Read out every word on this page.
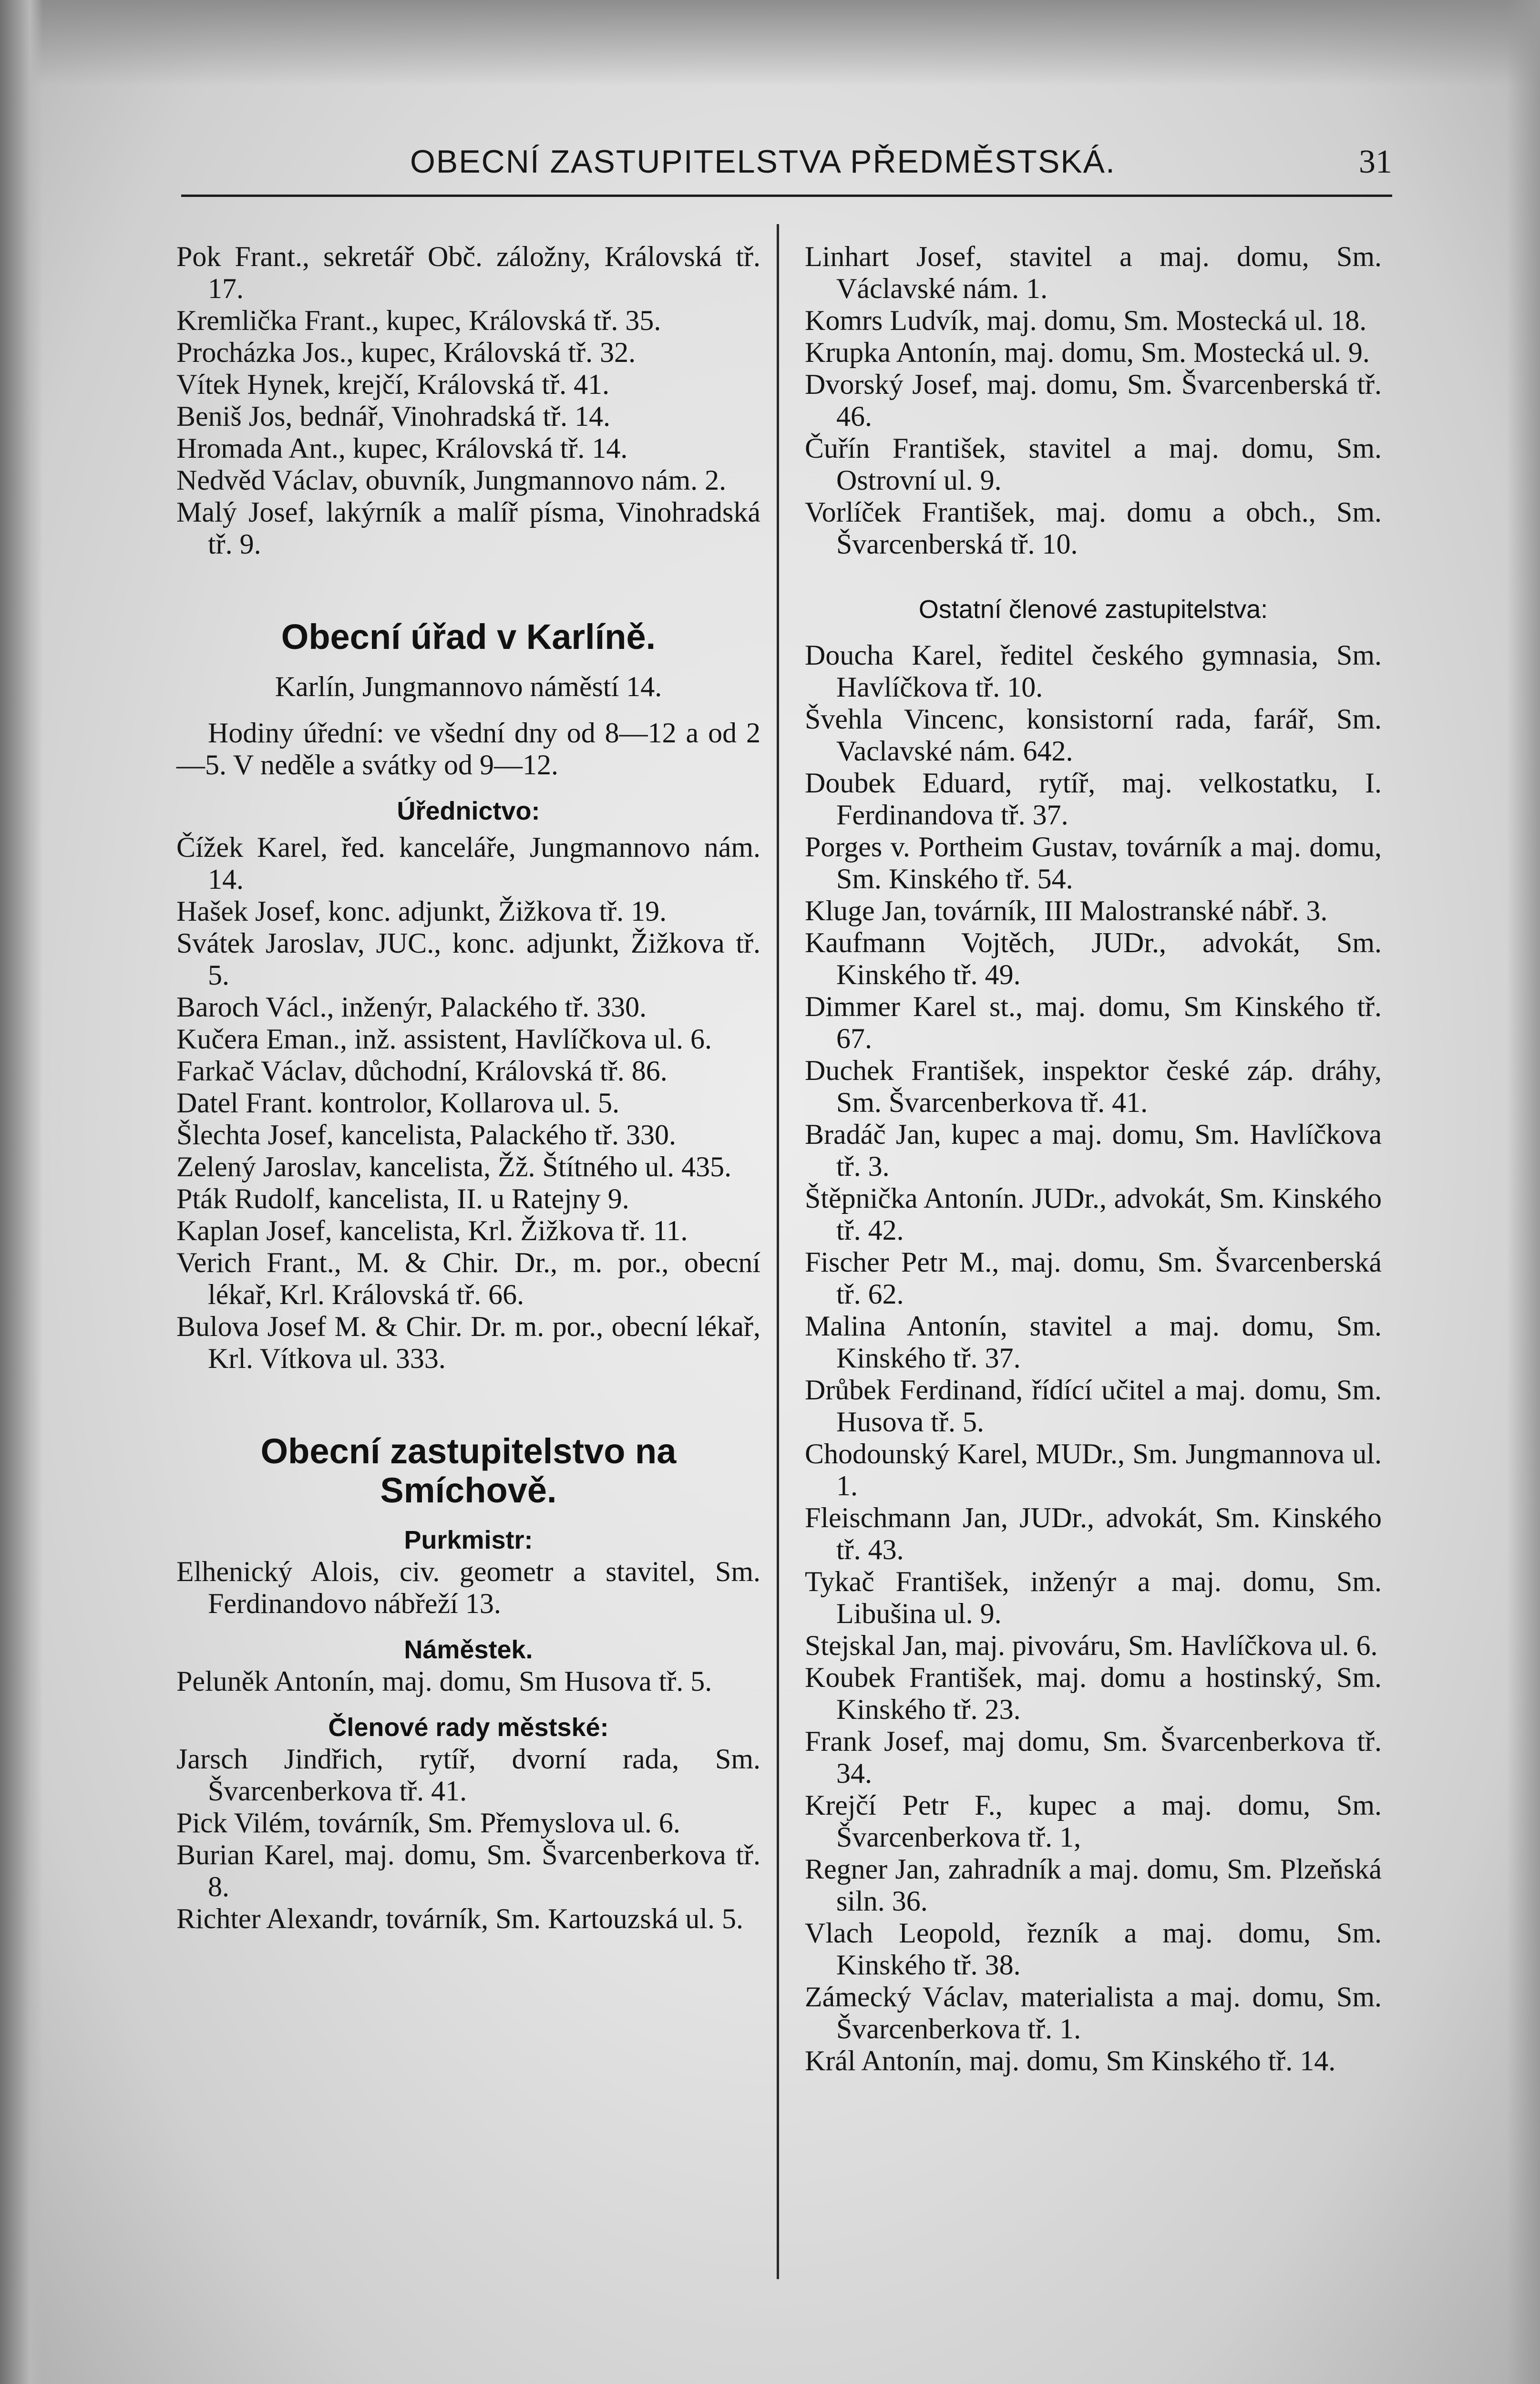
OBECNÍ ZASTUPITELSTVA PŘEDMĚSTSKÁ.	31
Pok Frant., sekretář Obč. záložny, Královská tř. 17.
Kremlička Frant., kupec, Královská tř. 35.
Procházka Jos., kupec, Královská tř. 32.
Vítek Hynek, krejčí, Královská tř. 41.
Beniš Jos, bednář, Vinohradská tř. 14.
Hromada Ant., kupec, Královská tř. 14.
Nedvěd Václav, obuvník, Jungmannovo nám. 2.
Malý Josef, lakýrník a malíř písma, Vinohradská tř. 9.
Obecní úřad v Karlíně.
Karlín, Jungmannovo náměstí 14.
Hodiny úřední: ve všední dny od 8—12 a od 2—5. V neděle a svátky od 9—12.
Úřednictvo:
Čížek Karel, řed. kanceláře, Jungmannovo nám. 14.
Hašek Josef, konc. adjunkt, Žižkova tř. 19.
Svátek Jaroslav, JUC., konc. adjunkt, Žižkova tř. 5.
Baroch Václ., inženýr, Palackého tř. 330.
Kučera Eman., inž. assistent, Havlíčkova ul. 6.
Farkač Václav, důchodní, Královská tř. 86.
Datel Frant. kontrolor, Kollarova ul. 5.
Šlechta Josef, kancelista, Palackého tř. 330.
Zelený Jaroslav, kancelista, Žž. Štítného ul. 435.
Pták Rudolf, kancelista, II. u Ratejny 9.
Kaplan Josef, kancelista, Krl. Žižkova tř. 11.
Verich Frant., M. & Chir. Dr., m. por., obecní lékař, Krl. Královská tř. 66.
Bulova Josef M. & Chir. Dr. m. por., obecní lékař, Krl. Vítkova ul. 333.
Obecní zastupitelstvo na Smíchově.
Purkmistr:
Elhenický Alois, civ. geometr a stavitel, Sm. Ferdinandovo nábřeží 13.
Náměstek.
Peluněk Antonín, maj. domu, Sm Husova tř. 5.
Členové rady městské:
Jarsch Jindřich, rytíř, dvorní rada, Sm. Švarcenberkova tř. 41.
Pick Vilém, továrník, Sm. Přemyslova ul. 6.
Burian Karel, maj. domu, Sm. Švarcenberkova tř. 8.
Richter Alexandr, továrník, Sm. Kartouzská ul. 5.
Linhart Josef, stavitel a maj. domu, Sm. Václavské nám. 1.
Komrs Ludvík, maj. domu, Sm. Mostecká ul. 18.
Krupka Antonín, maj. domu, Sm. Mostecká ul. 9.
Dvorský Josef, maj. domu, Sm. Švarcenberská tř. 46.
Čuřín František, stavitel a maj. domu, Sm. Ostrovní ul. 9.
Vorlíček František, maj. domu a obch., Sm. Švarcenberská tř. 10.
Ostatní členové zastupitelstva:
Doucha Karel, ředitel českého gymnasia, Sm. Havlíčkova tř. 10.
Švehla Vincenc, konsistorní rada, farář, Sm. Vaclavské nám. 642.
Doubek Eduard, rytíř, maj. velkostatku, I. Ferdinandova tř. 37.
Porges v. Portheim Gustav, továrník a maj. domu, Sm. Kinského tř. 54.
Kluge Jan, továrník, III Malostranské nábř. 3.
Kaufmann Vojtěch, JUDr., advokát, Sm. Kinského tř. 49.
Dimmer Karel st., maj. domu, Sm Kinského tř. 67.
Duchek František, inspektor české záp. dráhy, Sm. Švarcenberkova tř. 41.
Bradáč Jan, kupec a maj. domu, Sm. Havlíčkova tř. 3.
Štěpnička Antonín. JUDr., advokát, Sm. Kinského tř. 42.
Fischer Petr M., maj. domu, Sm. Švarcenberská tř. 62.
Malina Antonín, stavitel a maj. domu, Sm. Kinského tř. 37.
Drůbek Ferdinand, řídící učitel a maj. domu, Sm. Husova tř. 5.
Chodounský Karel, MUDr., Sm. Jungmannova ul. 1.
Fleischmann Jan, JUDr., advokát, Sm. Kinského tř. 43.
Tykač František, inženýr a maj. domu, Sm. Libušina ul. 9.
Stejskal Jan, maj. pivováru, Sm. Havlíčkova ul. 6.
Koubek František, maj. domu a hostinský, Sm. Kinského tř. 23.
Frank Josef, maj domu, Sm. Švarcenberkova tř. 34.
Krejčí Petr F., kupec a maj. domu, Sm. Švarcenberkova tř. 1,
Regner Jan, zahradník a maj. domu, Sm. Plzeňská siln. 36.
Vlach Leopold, řezník a maj. domu, Sm. Kinského tř. 38.
Zámecký Václav, materialista a maj. domu, Sm. Švarcenberkova tř. 1.
Král Antonín, maj. domu, Sm Kinského tř. 14.
